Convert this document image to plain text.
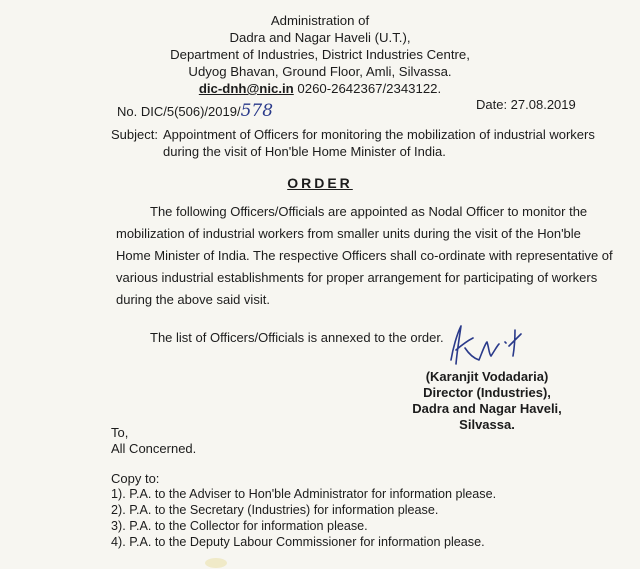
Administration of
Dadra and Nagar Haveli (U.T.),
Department of Industries, District Industries Centre,
Udyog Bhavan, Ground Floor, Amli, Silvassa.
dic-dnh@nic.in 0260-2642367/2343122.
No. DIC/5(506)/2019/578	Date: 27.08.2019
Subject: Appointment of Officers for monitoring the mobilization of industrial workers
during the visit of Hon'ble Home Minister of India.
ORDER
The following Officers/Officials are appointed as Nodal Officer to monitor the
mobilization of industrial workers from smaller units during the visit of the Hon'ble
Home Minister of India. The respective Officers shall co-ordinate with representative of
various industrial establishments for proper arrangement for participating of workers
during the above said visit.
The list of Officers/Officials is annexed to the order.
(Karanjit Vodadaria)
Director (Industries),
Dadra and Nagar Haveli,
Silvassa.
To,
All Concerned.
Copy to:
1). P.A. to the Adviser to Hon'ble Administrator for information please.
2). P.A. to the Secretary (Industries) for information please.
3). P.A. to the Collector for information please.
4). P.A. to the Deputy Labour Commissioner for information please.
